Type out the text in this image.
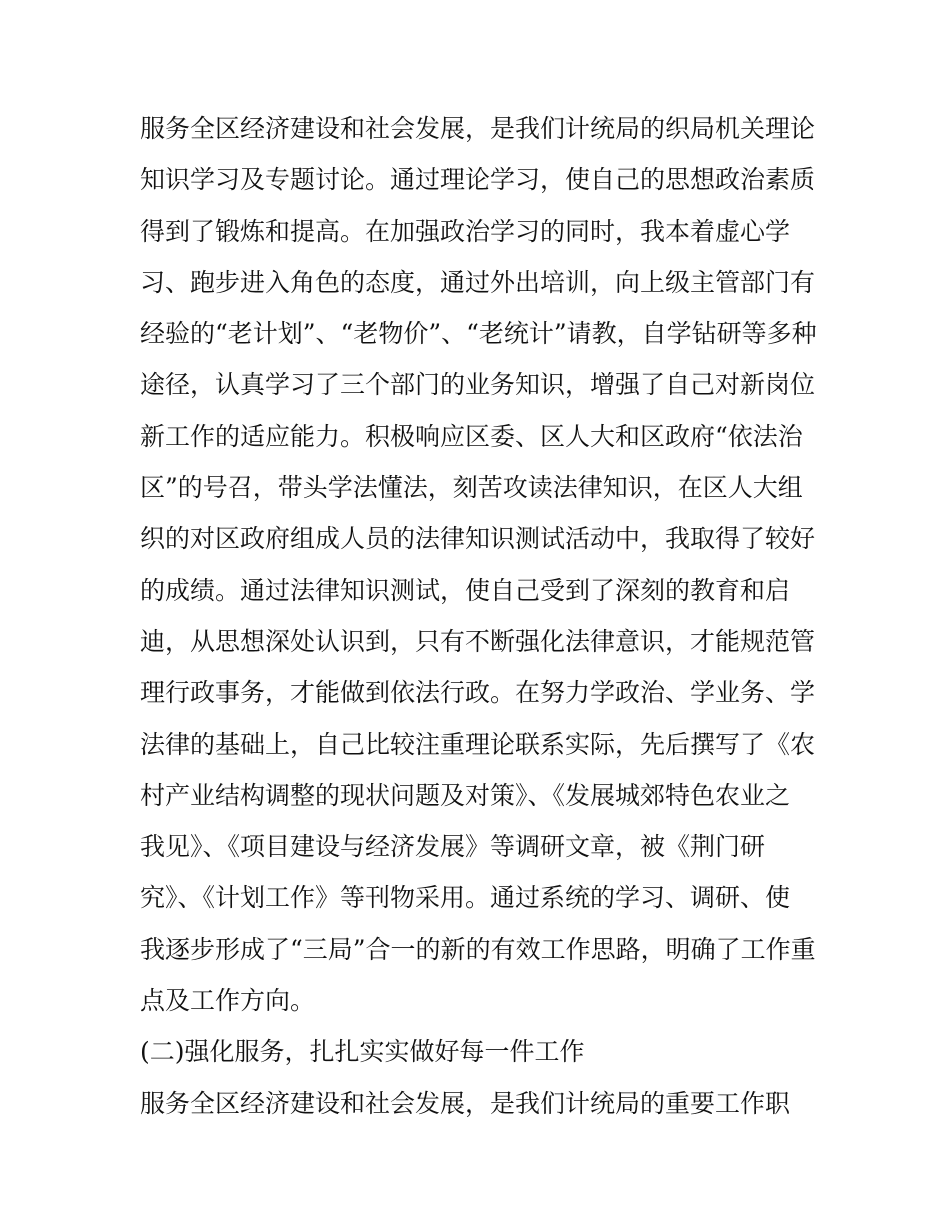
服务全区经济建设和社会发展，是我们计统局的织局机关理论

知识学习及专题讨论。通过理论学习，使自己的思想政治素质

得到了锻炼和提高。在加强政治学习的同时，我本着虚心学

习、跑步进入角色的态度，通过外出培训，向上级主管部门有

经验的“老计划”、“老物价”、“老统计”请教，自学钻研等多种

途径，认真学习了三个部门的业务知识，增强了自己对新岗位

新工作的适应能力。积极响应区委、区人大和区政府“依法治

区”的号召，带头学法懂法，刻苦攻读法律知识，在区人大组

织的对区政府组成人员的法律知识测试活动中，我取得了较好

的成绩。通过法律知识测试，使自己受到了深刻的教育和启

迪，从思想深处认识到，只有不断强化法律意识，才能规范管

理行政事务，才能做到依法行政。在努力学政治、学业务、学

法律的基础上，自己比较注重理论联系实际，先后撰写了《农

村产业结构调整的现状问题及对策》、《发展城郊特色农业之

我见》、《项目建设与经济发展》等调研文章，被《荆门研

究》、《计划工作》等刊物采用。通过系统的学习、调研、使

我逐步形成了“三局”合一的新的有效工作思路，明确了工作重

点及工作方向。

(二)强化服务，扎扎实实做好每一件工作

服务全区经济建设和社会发展，是我们计统局的重要工作职
